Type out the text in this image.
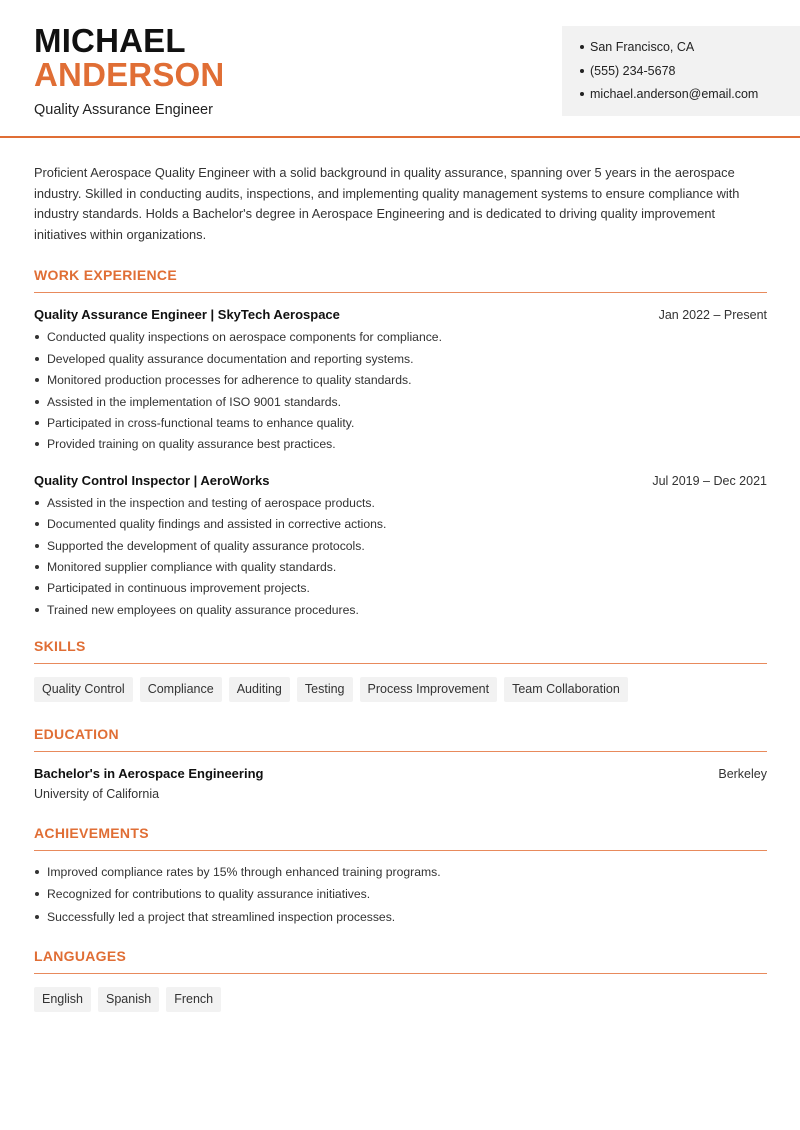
MICHAEL
ANDERSON
Quality Assurance Engineer
San Francisco, CA
(555) 234-5678
michael.anderson@email.com

Proficient Aerospace Quality Engineer with a solid background in quality assurance, spanning over 5 years in the aerospace industry. Skilled in conducting audits, inspections, and implementing quality management systems to ensure compliance with industry standards. Holds a Bachelor's degree in Aerospace Engineering and is dedicated to driving quality improvement initiatives within organizations.

WORK EXPERIENCE
Quality Assurance Engineer | SkyTech Aerospace	Jan 2022 – Present
Conducted quality inspections on aerospace components for compliance.
Developed quality assurance documentation and reporting systems.
Monitored production processes for adherence to quality standards.
Assisted in the implementation of ISO 9001 standards.
Participated in cross-functional teams to enhance quality.
Provided training on quality assurance best practices.
Quality Control Inspector | AeroWorks	Jul 2019 – Dec 2021
Assisted in the inspection and testing of aerospace products.
Documented quality findings and assisted in corrective actions.
Supported the development of quality assurance protocols.
Monitored supplier compliance with quality standards.
Participated in continuous improvement projects.
Trained new employees on quality assurance procedures.
SKILLS
Quality Control	Compliance	Auditing	Testing	Process Improvement	Team Collaboration
EDUCATION
Bachelor's in Aerospace Engineering	Berkeley
University of California
ACHIEVEMENTS
Improved compliance rates by 15% through enhanced training programs.
Recognized for contributions to quality assurance initiatives.
Successfully led a project that streamlined inspection processes.
LANGUAGES
English	Spanish	French
